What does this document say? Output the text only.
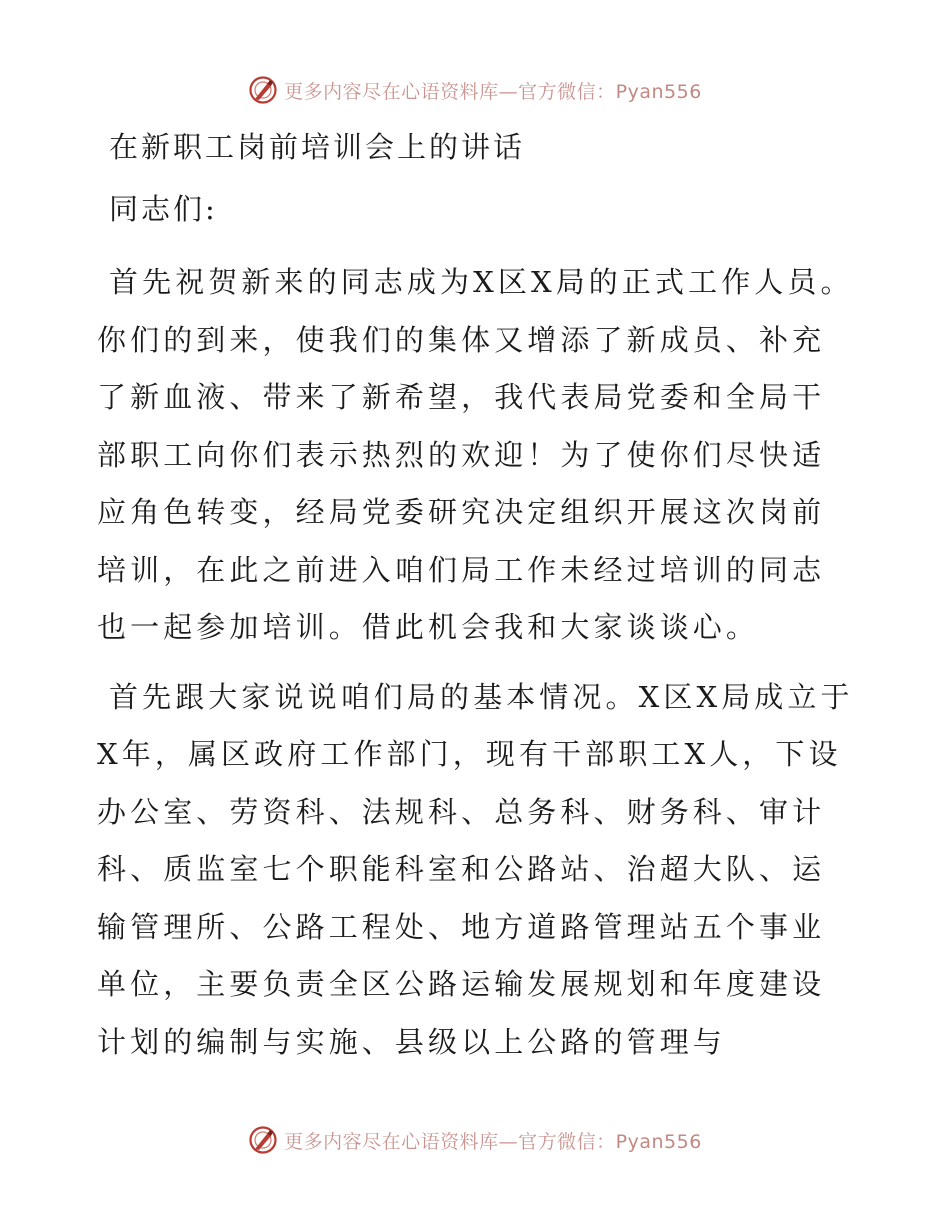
更多内容尽在心语资料库—官方微信：Pyan556
在新职工岗前培训会上的讲话

同志们:

首先祝贺新来的同志成为X区X局的正式工作人员。你们的到来，使我们的集体又增添了新成员、补充了新血液、带来了新希望，我代表局党委和全局干部职工向你们表示热烈的欢迎！为了使你们尽快适应角色转变，经局党委研究决定组织开展这次岗前培训，在此之前进入咱们局工作未经过培训的同志也一起参加培训。借此机会我和大家谈谈心。

首先跟大家说说咱们局的基本情况。X区X局成立于X年，属区政府工作部门，现有干部职工X人，下设办公室、劳资科、法规科、总务科、财务科、审计科、质监室七个职能科室和公路站、治超大队、运输管理所、公路工程处、地方道路管理站五个事业单位，主要负责全区公路运输发展规划和年度建设计划的编制与实施、县级以上公路的管理与

更多内容尽在心语资料库—官方微信：Pyan556
